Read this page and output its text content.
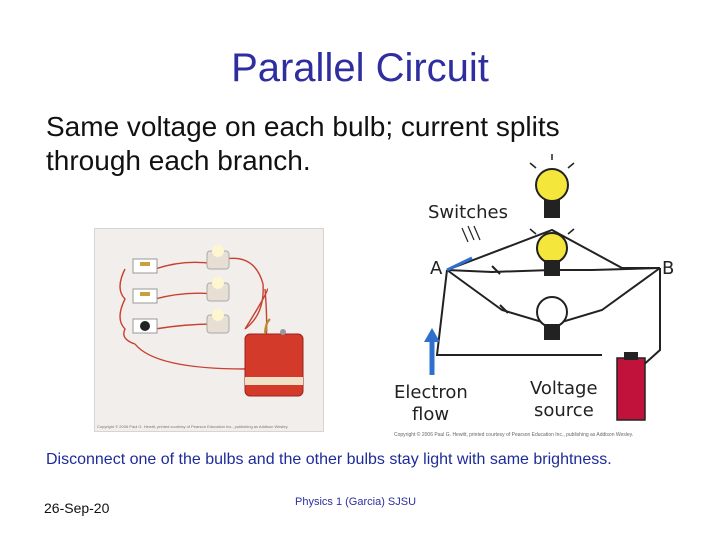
Parallel Circuit
Same voltage on each bulb; current splits through each branch.
Copyright © 2006 Paul G. Hewitt, printed courtesy of Pearson Education Inc., publishing as Addison Wesley.
Switches
A	B
Electron
flow
Voltage
source
Copyright © 2006 Paul G. Hewitt, printed courtesy of Pearson Education Inc., publishing as Addison Wesley.
Disconnect one of the bulbs and the other bulbs stay light with same brightness.
26-Sep-20	Physics 1 (Garcia) SJSU
